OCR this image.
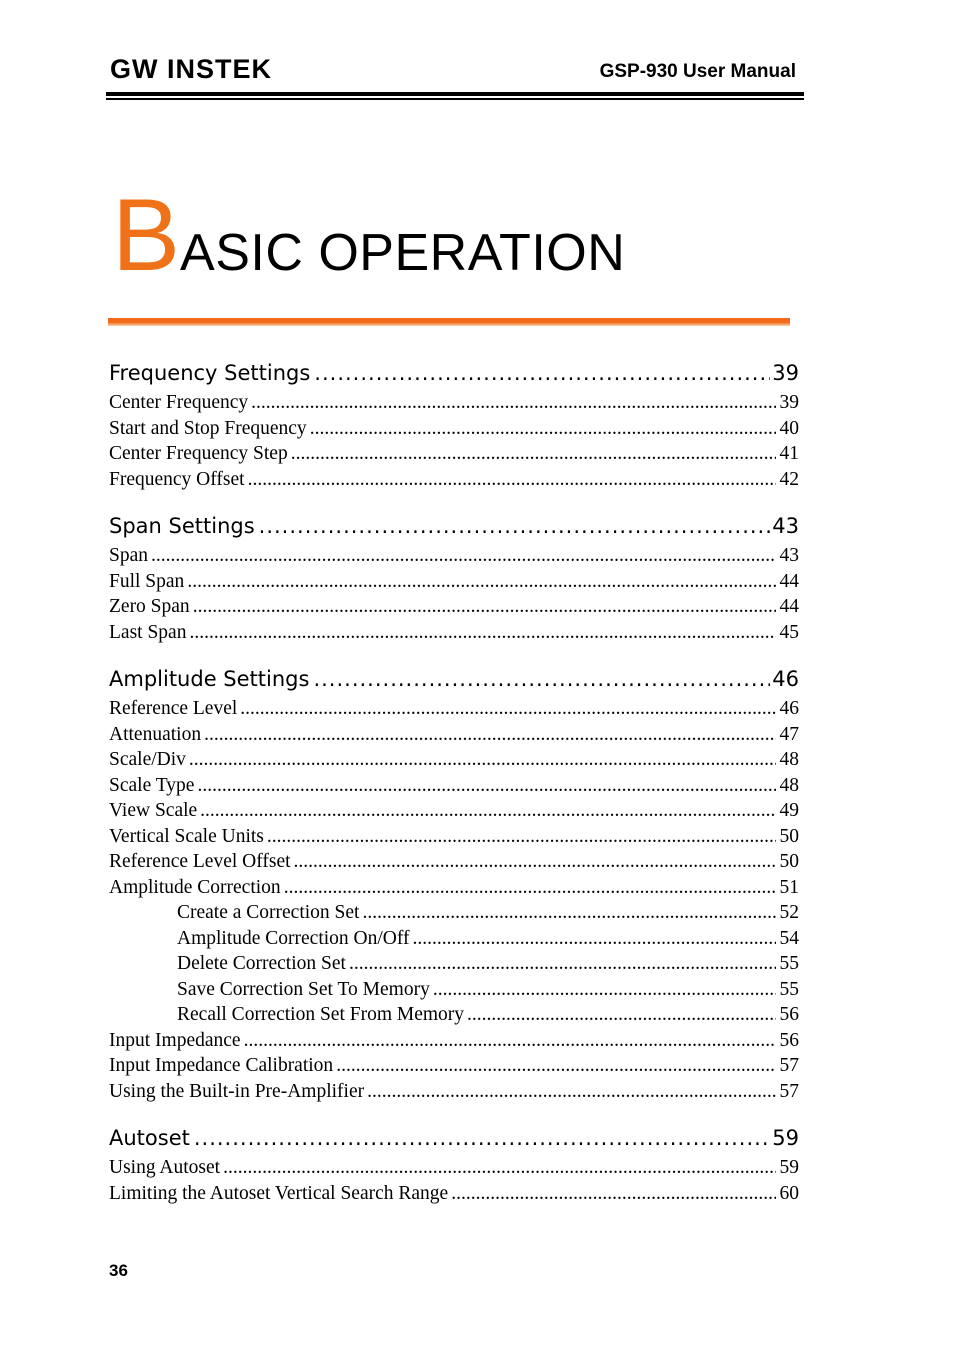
GW INSTEK	GSP-930 User Manual
BASIC OPERATION
Frequency Settings .....	39
Center Frequency .....	39
Start and Stop Frequency .....	40
Center Frequency Step .....	41
Frequency Offset .....	42
Span Settings .....	43
Span .....	43
Full Span .....	44
Zero Span .....	44
Last Span .....	45
Amplitude Settings .....	46
Reference Level .....	46
Attenuation .....	47
Scale/Div .....	48
Scale Type .....	48
View Scale .....	49
Vertical Scale Units .....	50
Reference Level Offset .....	50
Amplitude Correction .....	51
Create a Correction Set .....	52
Amplitude Correction On/Off .....	54
Delete Correction Set .....	55
Save Correction Set To Memory .....	55
Recall Correction Set From Memory .....	56
Input Impedance .....	56
Input Impedance Calibration .....	57
Using the Built-in Pre-Amplifier .....	57
Autoset .....	59
Using Autoset .....	59
Limiting the Autoset Vertical Search Range .....	60
36
